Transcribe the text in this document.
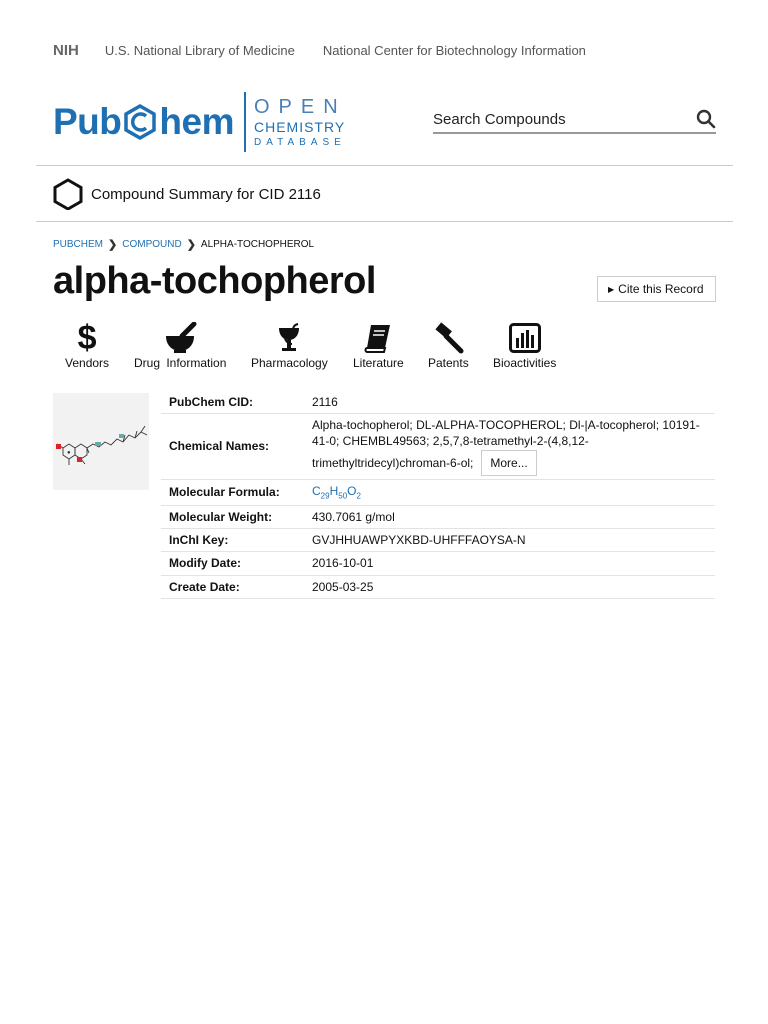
NIH U.S. National Library of Medicine National Center for Biotechnology Information
Pub hem OPEN
CHEMISTRY
DATABASE
Search Compounds
Compound Summary for CID 2116
PUBCHEM ❯ COMPOUND ❯ ALPHA-TOCHOPHEROL
alpha-tochopherol	▶ Cite this Record
$
Vendors Drug Information Pharmacology Literature Patents Bioactivities
●
PubChem CID:	2116
Chemical Names:	Alpha-tochopherol; DL-ALPHA-TOCOPHEROL; Dl-|A-tocopherol; 10191-41-0; CHEMBL49563; 2,5,7,8-tetramethyl-2-(4,8,12-trimethyltridecyl)chroman-6-ol; More...
Molecular Formula:	$C_{29}H_{50}O_2$
Molecular Weight:	430.7061 g/mol
InChI Key:	GVJHHUAWPYXKBD-UHFFFAOYSA-N
Modify Date:	2016-10-01
Create Date:	2005-03-25
